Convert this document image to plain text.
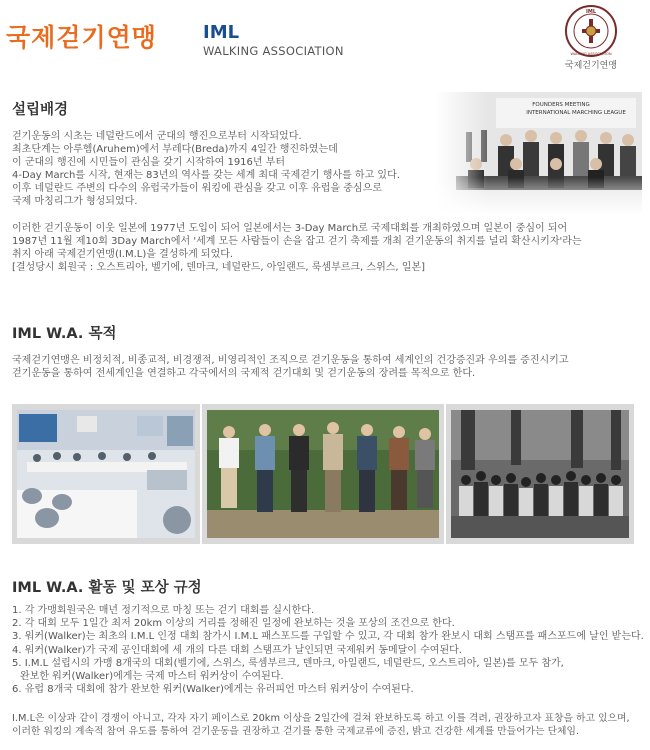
국제걷기연맹	IML
WALKING ASSOCIATION
IML
WALKING ASSOCIATION
국제걷기연맹
설립배경
걷기운동의 시초는 네덜란드에서 군대의 행진으로부터 시작되었다.
최초단계는 아루헴(Aruhem)에서 부레다(Breda)까지 4일간 행진하였는데
이 군대의 행진에 시민들이 관심을 갖기 시작하여 1916년 부터
4-Day March를 시작, 현재는 83년의 역사를 갖는 세계 최대 국제걷기 행사를 하고 있다.
이후 네덜란드 주변의 다수의 유럽국가들이 워킹에 관심을 갖고 이후 유럽을 중심으로
국제 마칭리그가 형성되었다.
이러한 걷기운동이 이웃 일본에 1977년 도입이 되어 일본에서는 3-Day March로 국제대회를 개최하였으며 일본이 중심이 되어
1987년 11월 제10회 3Day March에서 '세계 모든 사람들이 손을 잡고 걷기 축제를 개최 걷기운동의 취지를 널리 확산시키자'라는
취지 아래 국제걷기연맹(I.M.L)을 결성하게 되었다.
[결성당시 회원국 : 오스트리아, 벨기에, 덴마크, 네덜란드, 아일랜드, 룩셈부르크, 스위스, 일본]
FOUNDERS MEETING
INTERNATIONAL MARCHING LEAGUE
IML W.A. 목적
국제걷기연맹은 비정치적, 비종교적, 비경쟁적, 비영리적인 조직으로 걷기운동을 통하여 세계인의 건강증진과 우의를 증진시키고
걷기운동을 통하여 전세계인을 연결하고 각국에서의 국제적 걷기대회 및 걷기운동의 장려를 목적으로 한다.
IML W.A. 활동 및 포상 규정
1. 각 가맹회원국은 매년 정기적으로 마칭 또는 걷기 대회를 실시한다.
2. 각 대회 모두 1일간 최저 20km 이상의 거리를 정해진 일정에 완보하는 것을 포상의 조건으로 한다.
3. 워커(Walker)는 최초의 I.M.L 인정 대회 참가시 I.M.L 패스포드를 구입할 수 있고, 각 대회 참가 완보시 대회 스탬프를 패스포드에 날인 받는다.
4. 워커(Walker)가 국제 공인대회에 세 개의 다른 대회 스탬프가 날인되면 국제워커 동메달이 수여된다.
5. I.M.L 설립시의 가맹 8개국의 대회(벨기에, 스위스, 룩셈부르크, 덴마크, 아일랜드, 네덜란드, 오스트리아, 일본)를 모두 참가,
완보한 워커(Walker)에게는 국제 마스터 워커상이 수여된다.
6. 유럽 8개국 대회에 참가 완보한 워커(Walker)에게는 유러피언 마스터 워커상이 수여된다.
I.M.L은 이상과 같이 경쟁이 아니고, 각자 자기 페이스로 20km 이상을 2일간에 걸쳐 완보하도록 하고 이를 격려, 권장하고자 표창을 하고 있으며,
이러한 워킹의 계속적 참여 유도를 통하여 걷기운동을 권장하고 걷기를 통한 국제교류에 증진, 밝고 건강한 세계를 만들어가는 단체임.
